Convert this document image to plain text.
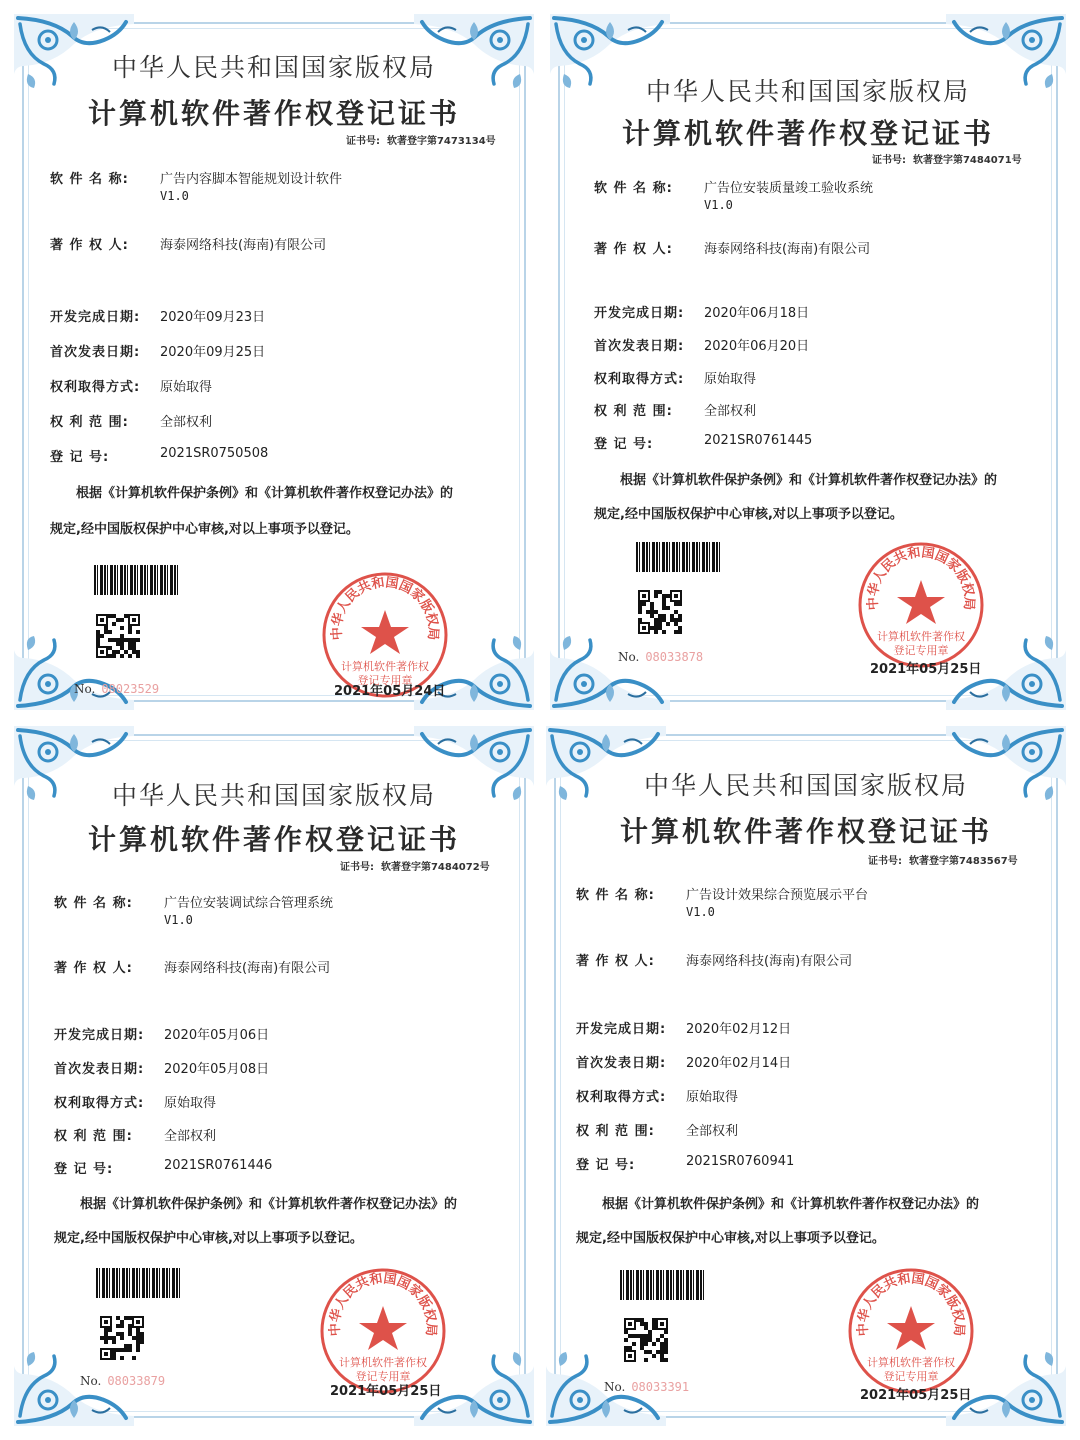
中华人民共和国国家版权局
计算机软件著作权登记证书
证书号: 软著登字第7473134号
软 件 名 称:	广告内容脚本智能规划设计软件
V1.0
著 作 权 人:	海泰网络科技(海南)有限公司
开发完成日期:	2020年09月23日
首次发表日期:	2020年09月25日
权利取得方式:	原始取得
权 利 范 围:	全部权利
登 记 号:	2021SR0750508
根据《计算机软件保护条例》和《计算机软件著作权登记办法》的
规定,经中国版权保护中心审核,对以上事项予以登记。
No. 08023529
中华人民共和国国家版权局
计算机软件著作权
登记专用章
2021年05月24日
中华人民共和国国家版权局
计算机软件著作权登记证书
证书号: 软著登字第7484071号
软 件 名 称:	广告位安装质量竣工验收系统
V1.0
著 作 权 人:	海泰网络科技(海南)有限公司
开发完成日期:	2020年06月18日
首次发表日期:	2020年06月20日
权利取得方式:	原始取得
权 利 范 围:	全部权利
登 记 号:	2021SR0761445
根据《计算机软件保护条例》和《计算机软件著作权登记办法》的
规定,经中国版权保护中心审核,对以上事项予以登记。
No. 08033878
中华人民共和国国家版权局
计算机软件著作权
登记专用章
2021年05月25日
中华人民共和国国家版权局
计算机软件著作权登记证书
证书号: 软著登字第7484072号
软 件 名 称:	广告位安装调试综合管理系统
V1.0
著 作 权 人:	海泰网络科技(海南)有限公司
开发完成日期:	2020年05月06日
首次发表日期:	2020年05月08日
权利取得方式:	原始取得
权 利 范 围:	全部权利
登 记 号:	2021SR0761446
根据《计算机软件保护条例》和《计算机软件著作权登记办法》的
规定,经中国版权保护中心审核,对以上事项予以登记。
No. 08033879
中华人民共和国国家版权局
计算机软件著作权
登记专用章
2021年05月25日
中华人民共和国国家版权局
计算机软件著作权登记证书
证书号: 软著登字第7483567号
软 件 名 称:	广告设计效果综合预览展示平台
V1.0
著 作 权 人:	海泰网络科技(海南)有限公司
开发完成日期:	2020年02月12日
首次发表日期:	2020年02月14日
权利取得方式:	原始取得
权 利 范 围:	全部权利
登 记 号:	2021SR0760941
根据《计算机软件保护条例》和《计算机软件著作权登记办法》的
规定,经中国版权保护中心审核,对以上事项予以登记。
No. 08033391
中华人民共和国国家版权局
计算机软件著作权
登记专用章
2021年05月25日
